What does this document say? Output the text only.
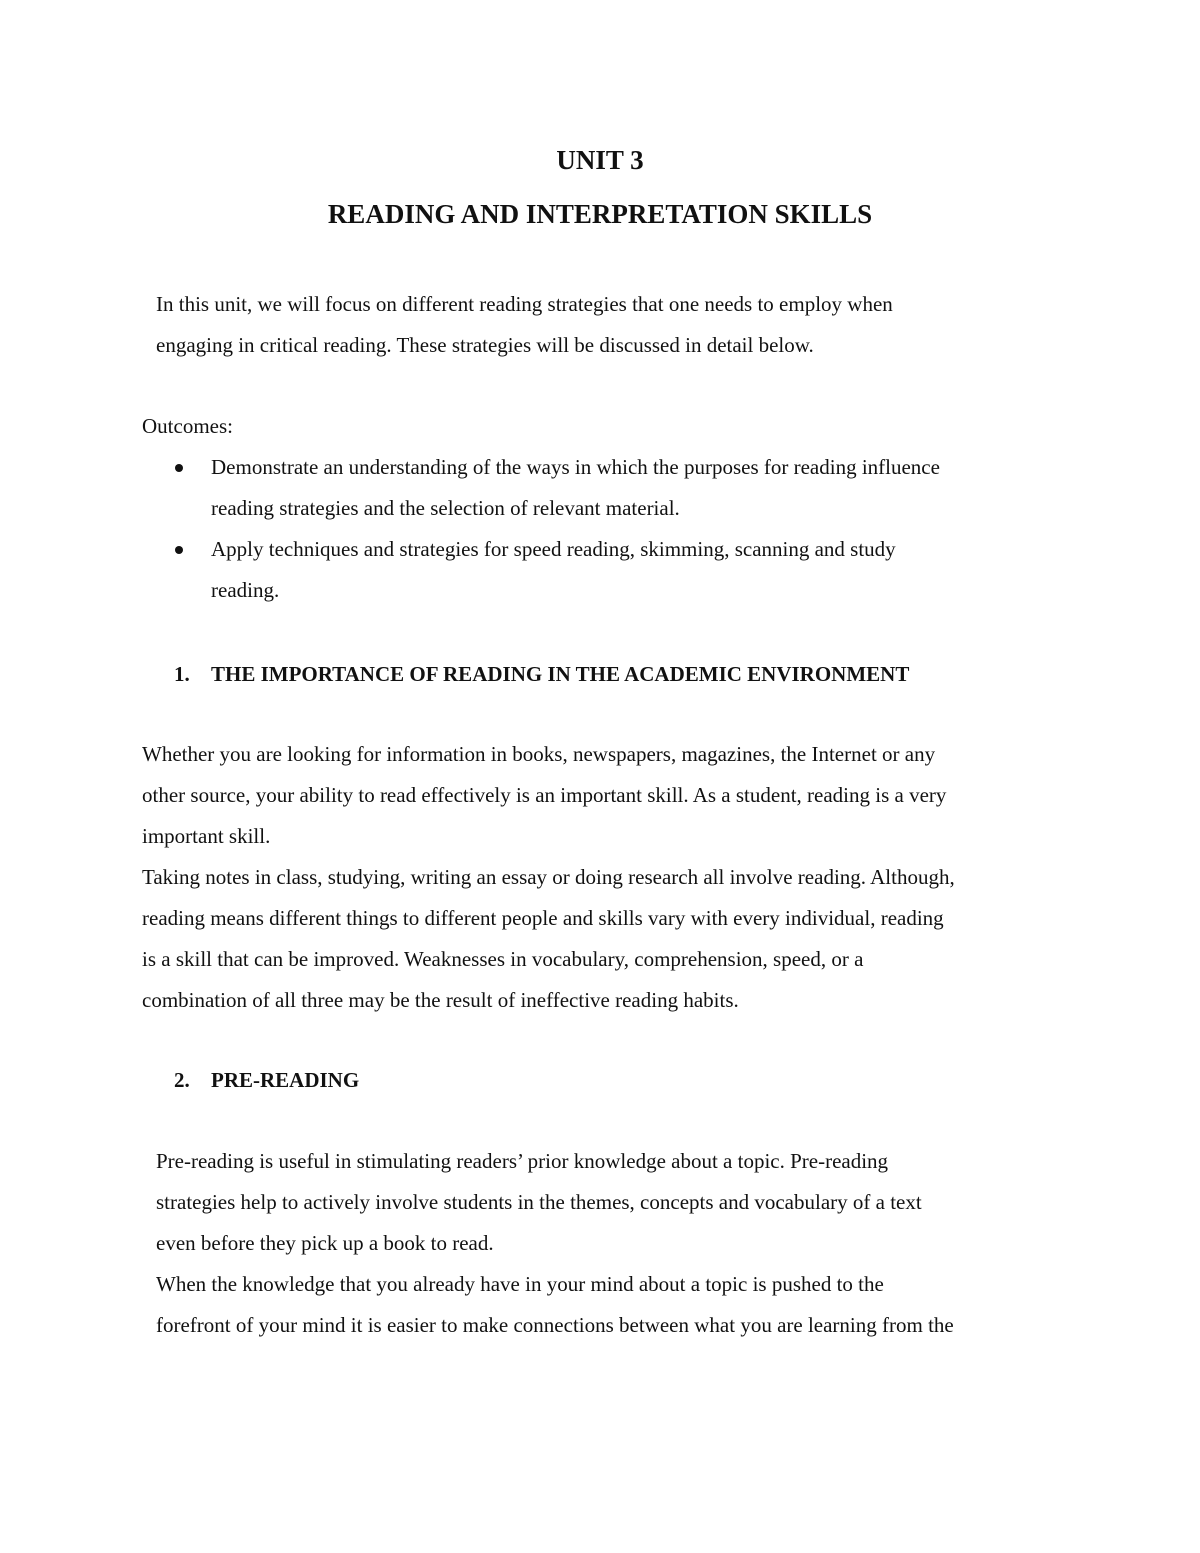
UNIT 3
READING AND INTERPRETATION SKILLS
In this unit, we will focus on different reading strategies that one needs to employ when
engaging in critical reading. These strategies will be discussed in detail below.
Outcomes:
Demonstrate an understanding of the ways in which the purposes for reading influence
reading strategies and the selection of relevant material.
Apply techniques and strategies for speed reading, skimming, scanning and study
reading.
1. THE IMPORTANCE OF READING IN THE ACADEMIC ENVIRONMENT
Whether you are looking for information in books, newspapers, magazines, the Internet or any
other source, your ability to read effectively is an important skill. As a student, reading is a very
important skill.
Taking notes in class, studying, writing an essay or doing research all involve reading. Although,
reading means different things to different people and skills vary with every individual, reading
is a skill that can be improved. Weaknesses in vocabulary, comprehension, speed, or a
combination of all three may be the result of ineffective reading habits.
2. PRE-READING
Pre-reading is useful in stimulating readers’ prior knowledge about a topic. Pre-reading
strategies help to actively involve students in the themes, concepts and vocabulary of a text
even before they pick up a book to read.
When the knowledge that you already have in your mind about a topic is pushed to the
forefront of your mind it is easier to make connections between what you are learning from the
